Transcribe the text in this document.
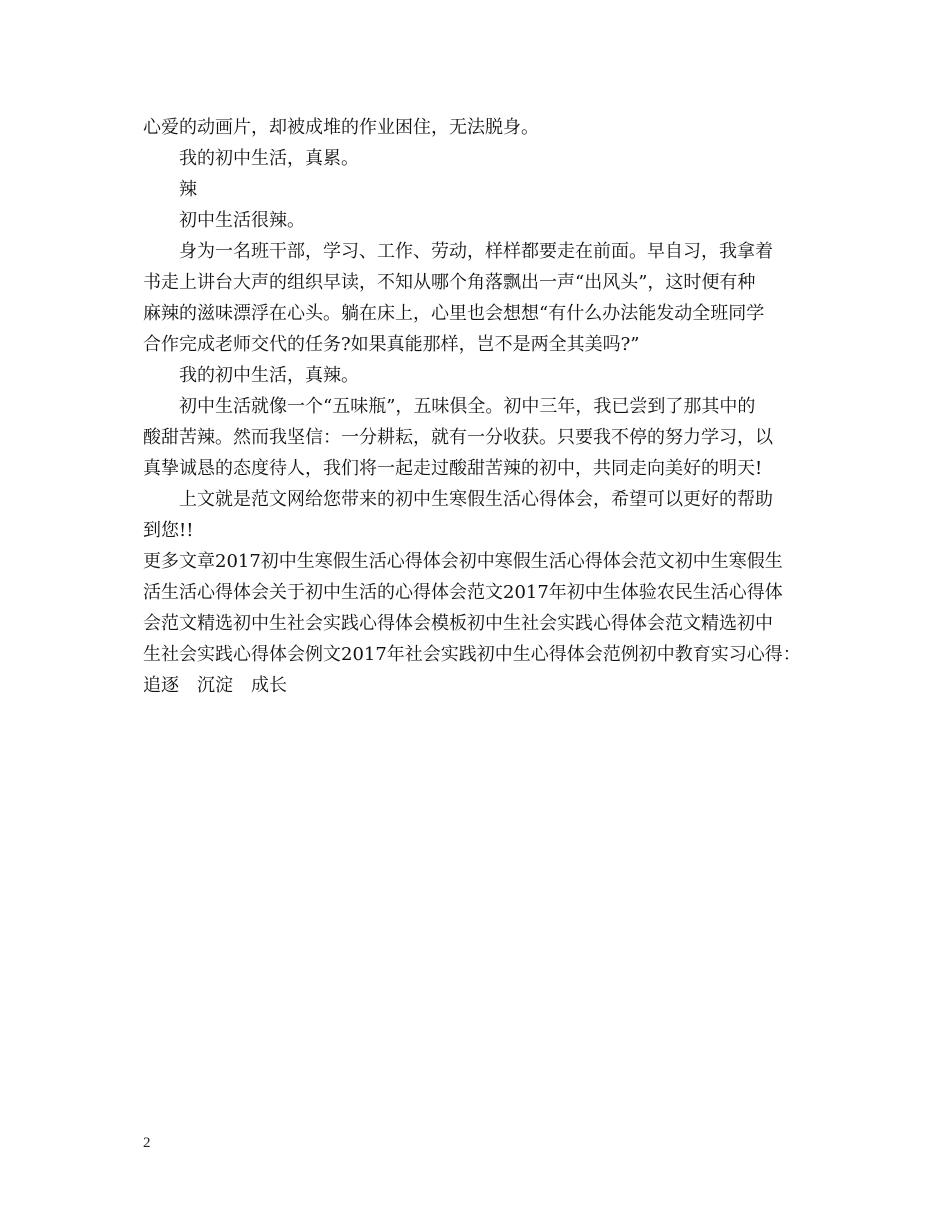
心爱的动画片，却被成堆的作业困住，无法脱身。
我的初中生活，真累。
辣
初中生活很辣。
身为一名班干部，学习、工作、劳动，样样都要走在前面。早自习，我拿着
书走上讲台大声的组织早读，不知从哪个角落飘出一声“出风头”，这时便有种
麻辣的滋味漂浮在心头。躺在床上，心里也会想想“有什么办法能发动全班同学
合作完成老师交代的任务?如果真能那样，岂不是两全其美吗?”
我的初中生活，真辣。
初中生活就像一个“五味瓶”，五味俱全。初中三年，我已尝到了那其中的
酸甜苦辣。然而我坚信：一分耕耘，就有一分收获。只要我不停的努力学习，以
真挚诚恳的态度待人，我们将一起走过酸甜苦辣的初中，共同走向美好的明天!
上文就是范文网给您带来的初中生寒假生活心得体会，希望可以更好的帮助
到您!!
更多文章2017初中生寒假生活心得体会初中寒假生活心得体会范文初中生寒假生
活生活心得体会关于初中生活的心得体会范文2017年初中生体验农民生活心得体
会范文精选初中生社会实践心得体会模板初中生社会实践心得体会范文精选初中
生社会实践心得体会例文2017年社会实践初中生心得体会范例初中教育实习心得：
追逐　沉淀　成长
2
